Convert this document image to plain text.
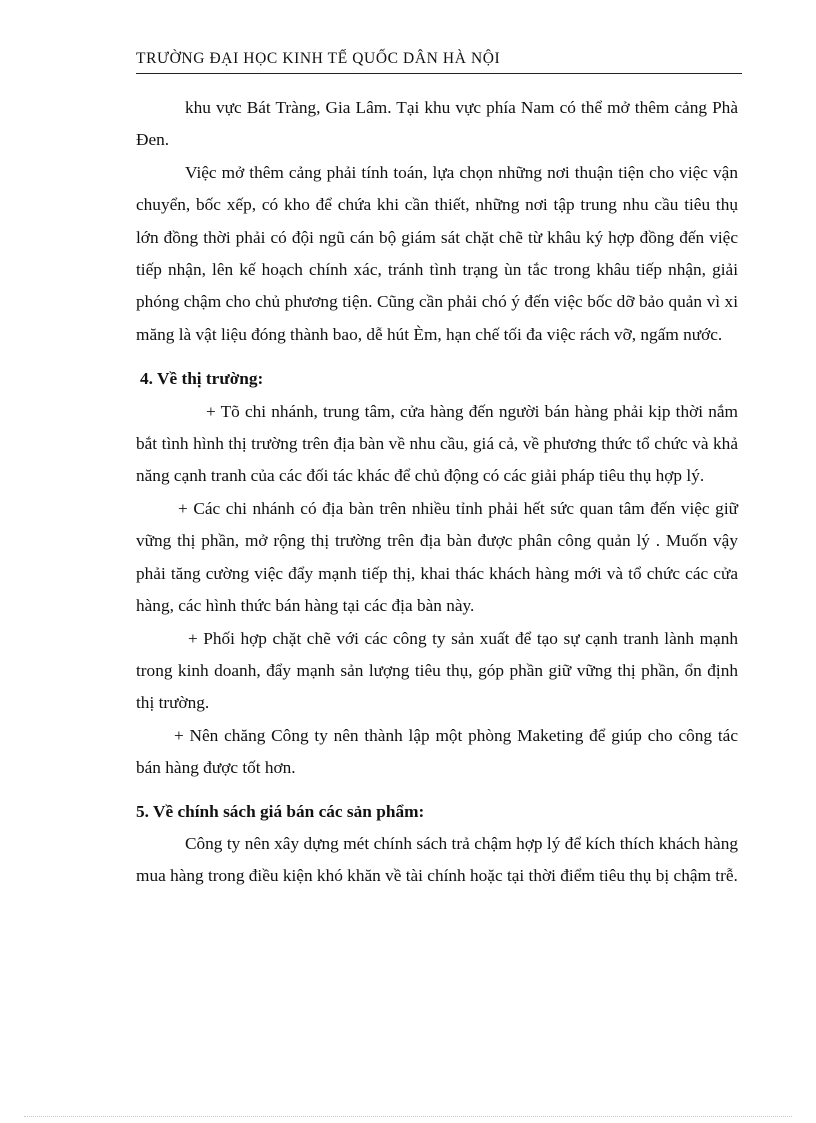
TRƯỜNG ĐẠI HỌC KINH TẾ QUỐC DÂN HÀ NỘI

khu vực Bát Tràng, Gia Lâm. Tại khu vực phía Nam có thể mở thêm cảng Phà Đen.

Việc mở thêm cảng phải tính toán, lựa chọn những nơi thuận tiện cho việc vận chuyển, bốc xếp, có kho để chứa khi cần thiết, những nơi tập trung nhu cầu tiêu thụ lớn đồng thời phải có đội ngũ cán bộ giám sát chặt chẽ từ khâu ký hợp đồng đến việc tiếp nhận, lên kế hoạch chính xác, tránh tình trạng ùn tắc trong khâu tiếp nhận, giải phóng chậm cho chủ phương tiện. Cũng cần phải chó ý đến việc bốc dỡ bảo quản vì xi măng là vật liệu đóng thành bao, dễ hút Èm, hạn chế tối đa việc rách vỡ, ngấm nước.

4. Về thị trường:

+ Tõ chi nhánh, trung tâm, cửa hàng đến người bán hàng phải kịp thời nắm bắt tình hình thị trường trên địa bàn về nhu cầu, giá cả, về phương thức tổ chức và khả năng cạnh tranh của các đối tác khác để chủ động có các giải pháp tiêu thụ hợp lý.

+ Các chi nhánh có địa bàn trên nhiều tỉnh phải hết sức quan tâm đến việc giữ vững thị phần, mở rộng thị trường trên địa bàn được phân công quản lý . Muốn vậy phải tăng cường việc đẩy mạnh tiếp thị, khai thác khách hàng mới và tổ chức các cửa hàng, các hình thức bán hàng tại các địa bàn này.

+ Phối hợp chặt chẽ với các công ty sản xuất để tạo sự cạnh tranh lành mạnh trong kinh doanh, đẩy mạnh sản lượng tiêu thụ, góp phần giữ vững thị phần, ổn định thị trường.

+ Nên chăng Công ty nên thành lập một phòng Maketing để giúp cho công tác bán hàng được tốt hơn.

5. Về chính sách giá bán các sản phẩm:

Công ty nên xây dựng mét chính sách trả chậm hợp lý để kích thích khách hàng mua hàng trong điều kiện khó khăn về tài chính hoặc tại thời điểm tiêu thụ bị chậm trễ.
